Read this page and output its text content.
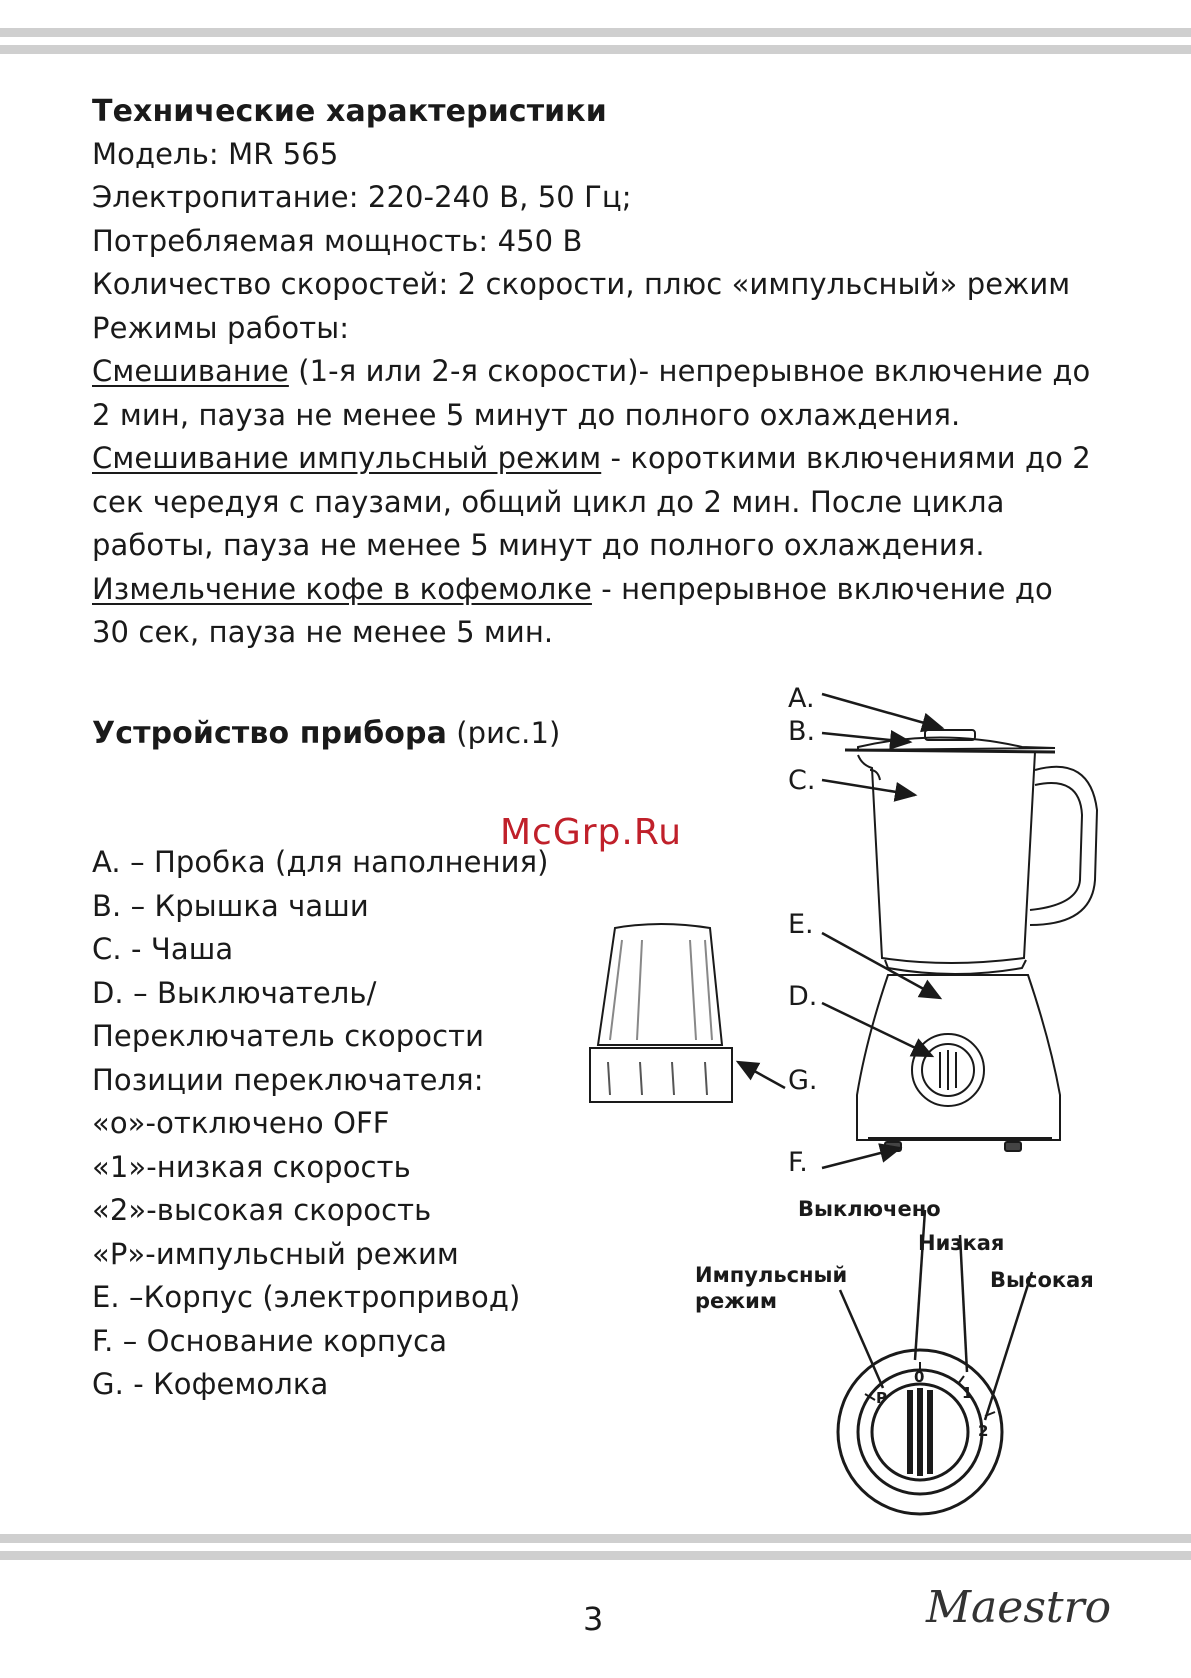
Технические характеристики
Модель: MR 565
Электропитание: 220-240 В, 50 Гц;
Потребляемая мощность: 450 В
Количество скоростей: 2 скорости, плюс «импульсный» режим
Режимы работы:
Смешивание (1-я или 2-я скорости)- непрерывное включение до
2 мин, пауза не менее 5 минут до полного охлаждения.
Смешивание импульсный режим - короткими включениями до 2
сек чередуя с паузами, общий цикл до 2 мин. После цикла
работы, пауза не менее 5 минут до полного охлаждения.
Измельчение кофе в кофемолке - непрерывное включение до
30 сек, пауза не менее 5 мин.
Устройство прибора (рис.1)
A. – Пробка (для наполнения)
B. – Крышка чаши
C. - Чаша
D. – Выключатель/
Переключатель скорости
Позиции переключателя:
«о»-отключено OFF
«1»-низкая скорость
«2»-высокая скорость
«Р»-импульсный режим
E. –Корпус (электропривод)
F. – Основание корпуса
G. - Кофемолка
A.
B.
C.
E.
D.
G.
F.
Выключено
Низкая
Высокая
Импульсный
режим
0
1
2
P
McGrp.Ru
3	Maestro
